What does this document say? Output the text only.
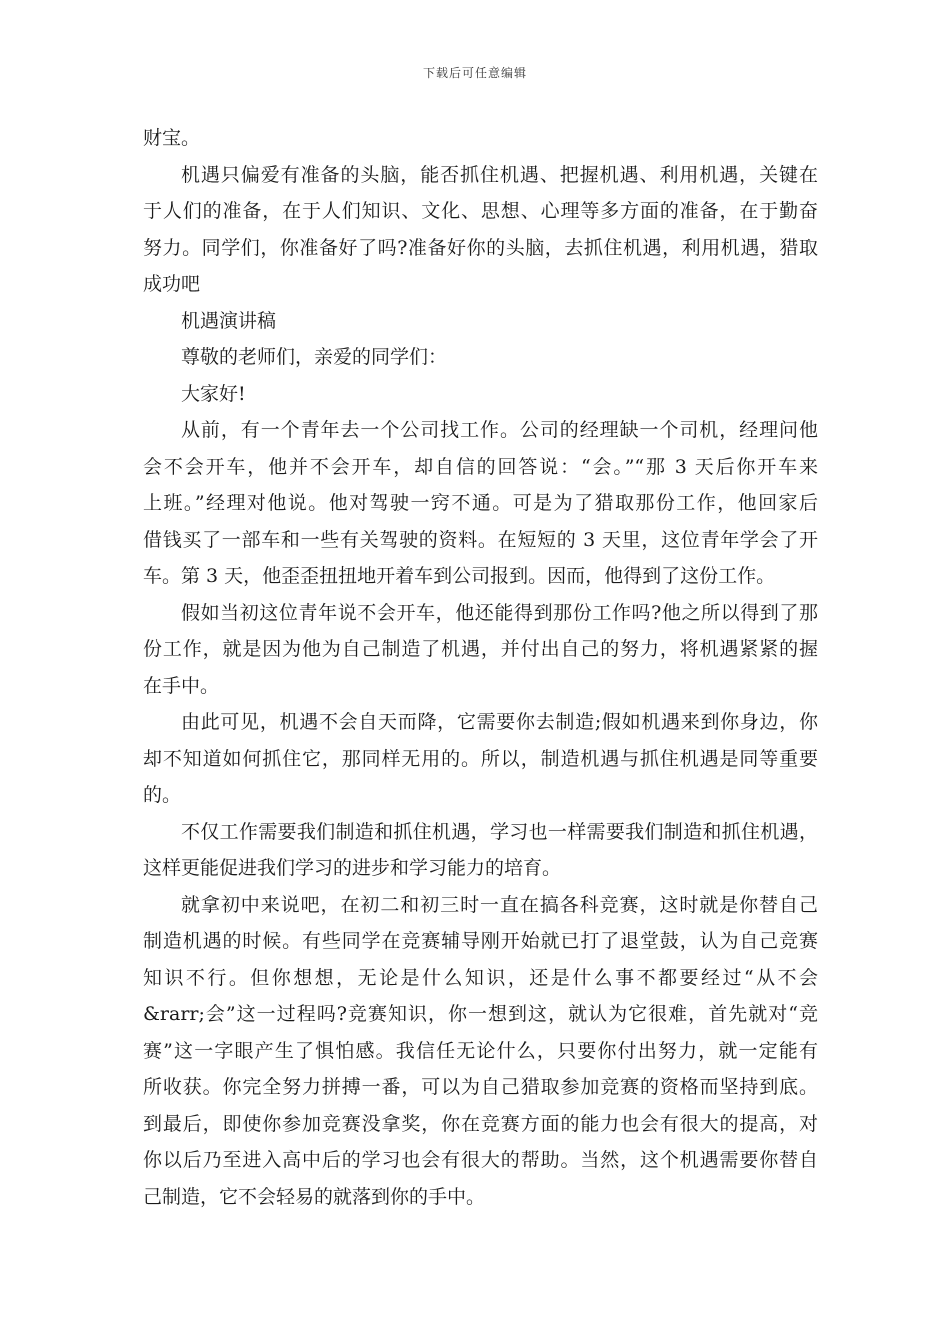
下载后可任意编辑
财宝。
机遇只偏爱有准备的头脑，能否抓住机遇、把握机遇、利用机遇，关键在
于人们的准备，在于人们知识、文化、思想、心理等多方面的准备，在于勤奋
努力。同学们，你准备好了吗?准备好你的头脑，去抓住机遇，利用机遇，猎取
成功吧
机遇演讲稿
尊敬的老师们，亲爱的同学们：
大家好!
从前，有一个青年去一个公司找工作。公司的经理缺一个司机，经理问他
会不会开车，他并不会开车，却自信的回答说：“会。”“那 3 天后你开车来
上班。”经理对他说。他对驾驶一窍不通。可是为了猎取那份工作，他回家后
借钱买了一部车和一些有关驾驶的资料。在短短的 3 天里，这位青年学会了开
车。第 3 天，他歪歪扭扭地开着车到公司报到。因而，他得到了这份工作。
假如当初这位青年说不会开车，他还能得到那份工作吗?他之所以得到了那
份工作，就是因为他为自己制造了机遇，并付出自己的努力，将机遇紧紧的握
在手中。
由此可见，机遇不会自天而降，它需要你去制造;假如机遇来到你身边，你
却不知道如何抓住它，那同样无用的。所以，制造机遇与抓住机遇是同等重要
的。
不仅工作需要我们制造和抓住机遇，学习也一样需要我们制造和抓住机遇，
这样更能促进我们学习的进步和学习能力的培育。
就拿初中来说吧，在初二和初三时一直在搞各科竞赛，这时就是你替自己
制造机遇的时候。有些同学在竞赛辅导刚开始就已打了退堂鼓，认为自己竞赛
知识不行。但你想想，无论是什么知识，还是什么事不都要经过“从不会
&rarr;会”这一过程吗?竞赛知识，你一想到这，就认为它很难，首先就对“竞
赛”这一字眼产生了惧怕感。我信任无论什么，只要你付出努力，就一定能有
所收获。你完全努力拼搏一番，可以为自己猎取参加竞赛的资格而坚持到底。
到最后，即使你参加竞赛没拿奖，你在竞赛方面的能力也会有很大的提高，对
你以后乃至进入高中后的学习也会有很大的帮助。当然，这个机遇需要你替自
己制造，它不会轻易的就落到你的手中。
